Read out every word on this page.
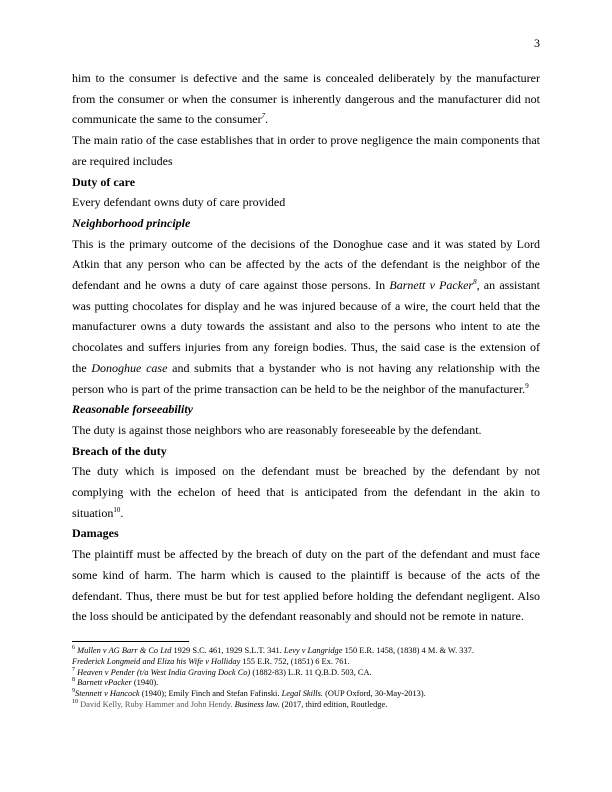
3

him to the consumer is defective and the same is concealed deliberately by the manufacturer from the consumer or when the consumer is inherently dangerous and the manufacturer did not communicate the same to the consumer$^7$.

The main ratio of the case establishes that in order to prove negligence the main components that are required includes

Duty of care

Every defendant owns duty of care provided

Neighborhood principle

This is the primary outcome of the decisions of the Donoghue case and it was stated by Lord Atkin that any person who can be affected by the acts of the defendant is the neighbor of the defendant and he owns a duty of care against those persons. In Barnett v Packer$^8$, an assistant was putting chocolates for display and he was injured because of a wire, the court held that the manufacturer owns a duty towards the assistant and also to the persons who intent to ate the chocolates and suffers injuries from any foreign bodies. Thus, the said case is the extension of the Donoghue case and submits that a bystander who is not having any relationship with the person who is part of the prime transaction can be held to be the neighbor of the manufacturer.$^9$

Reasonable forseeability

The duty is against those neighbors who are reasonably foreseeable by the defendant.

Breach of the duty

The duty which is imposed on the defendant must be breached by the defendant by not complying with the echelon of heed that is anticipated from the defendant in the akin to situation$^{10}$.

Damages

The plaintiff must be affected by the breach of duty on the part of the defendant and must face some kind of harm. The harm which is caused to the plaintiff is because of the acts of the defendant. Thus, there must be but for test applied before holding the defendant negligent. Also the loss should be anticipated by the defendant reasonably and should not be remote in nature.

$^6$ Mullen v AG Barr & Co Ltd 1929 S.C. 461, 1929 S.L.T. 341. Levy v Langridge 150 E.R. 1458, (1838) 4 M. & W. 337.
Frederick Longmeid and Eliza his Wife v Holliday 155 E.R. 752, (1851) 6 Ex. 761.
$^7$ Heaven v Pender (t/a West India Graving Dock Co) (1882-83) L.R. 11 Q.B.D. 503, CA.
$^8$ Barnett vPacker (1940).
$^9$Stennett v Hancock (1940); Emily Finch and Stefan Fafinski. Legal Skills. (OUP Oxford, 30-May-2013).
$^{10}$ David Kelly, Ruby Hammer and John Hendy. Business law. (2017, third edition, Routledge.
